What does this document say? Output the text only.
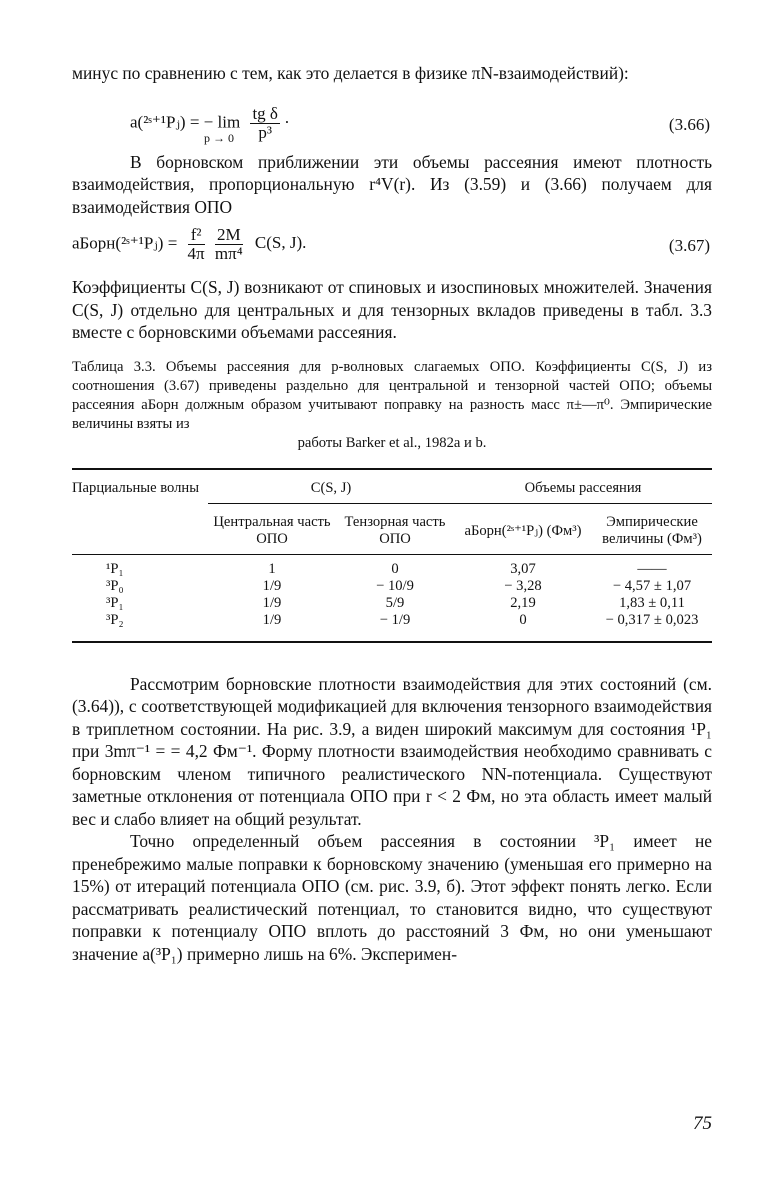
минус по сравнению с тем, как это делается в физике πN-взаимодействий):

a(²ˢ⁺¹Pⱼ) = − $\lim \frac{\text{tg δ}}{\text{p³}}$ ·
p → 0
(3.66)

В борновском приближении эти объемы рассеяния имеют плотность взаимодействия, пропорциональную r⁴V(r). Из (3.59) и (3.66) получаем для взаимодействия ОПО

aБорн(²ˢ⁺¹Pⱼ) = $\frac{\text{f²}}{4\pi}$
$\frac{2M}{\text{mπ⁴}} C(S$, J).	(3.67)

Коэффициенты C(S, J) возникают от спиновых и изоспиновых множителей. Значения C(S, J) отдельно для центральных и для тензорных вкладов приведены в табл. 3.3 вместе с борновскими объемами рассеяния.

Таблица 3.3. Объемы рассеяния для p-волновых слагаемых ОПО. Коэффициенты C(S, J) из соотношения (3.67) приведены раздельно для центральной и тензорной частей ОПО; объемы рассеяния aБорн должным образом учитывают поправку на разность масс π±—π⁰. Эмпирические величины взяты из
работы Barker et al., 1982a и b.

Парциальные волны	C(S, J)		Объемы рассеяния	
	Центральная часть ОПО	Тензорная часть ОПО	aБорн(²ˢ⁺¹Pⱼ) (Фм³)	Эмпирические величины (Фм³)

¹P₁	1	0	3,07	——
³P₀	1/9	− 10/9	− 3,28	− 4,57 ± 1,07
³P₁	1/9	5/9	2,19	1,83 ± 0,11
³P₂	1/9	− 1/9	0	− 0,317 ± 0,023

Рассмотрим борновские плотности взаимодействия для этих состояний (см. (3.64)), с соответствующей модификацией для включения тензорного взаимодействия в триплетном состоянии. На рис. 3.9, а виден широкий максимум для состояния ¹P₁ при 3mπ⁻¹ = = 4,2 Фм⁻¹. Форму плотности взаимодействия необходимо сравнивать с борновским членом типичного реалистического NN-потенциала. Существуют заметные отклонения от потенциала ОПО при r < 2 Фм, но эта область имеет малый вес и слабо влияет на общий результат.

Точно определенный объем рассеяния в состоянии ³P₁ имеет не пренебрежимо малые поправки к борновскому значению (уменьшая его примерно на 15%) от итераций потенциала ОПО (см. рис. 3.9, б). Этот эффект понять легко. Если рассматривать реалистический потенциал, то становится видно, что существуют поправки к потенциалу ОПО вплоть до расстояний 3 Фм, но они уменьшают значение a(³P₁) примерно лишь на 6%. Эксперимен-

75
